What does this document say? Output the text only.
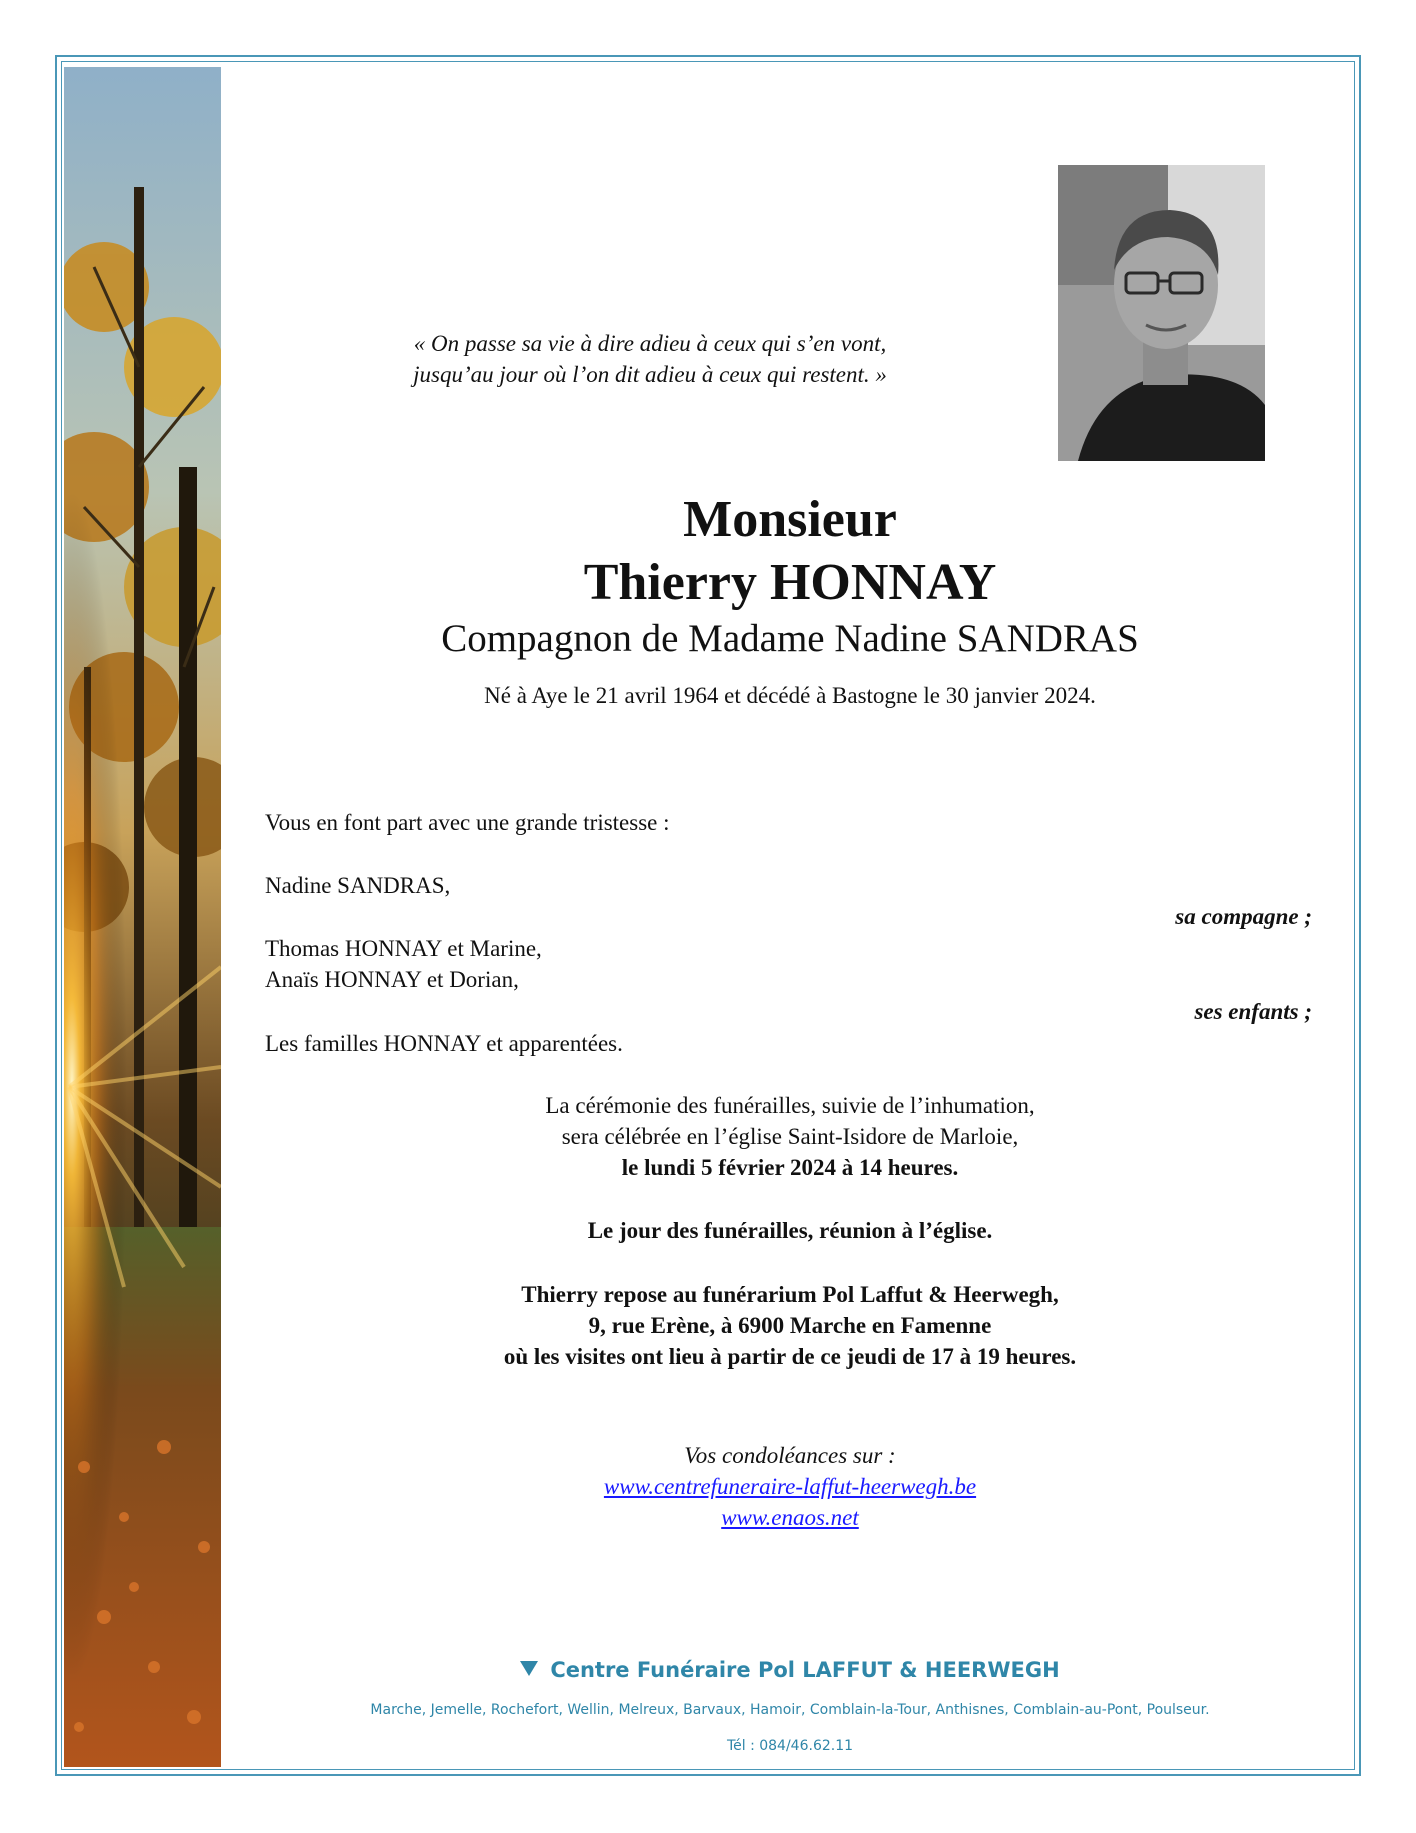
« On passe sa vie à dire adieu à ceux qui s’en vont,
jusqu’au jour où l’on dit adieu à ceux qui restent. »
Monsieur
Thierry HONNAY
Compagnon de Madame Nadine SANDRAS
Né à Aye le 21 avril 1964 et décédé à Bastogne le 30 janvier 2024.
Vous en font part avec une grande tristesse :
Nadine SANDRAS,
sa compagne ;
Thomas HONNAY et Marine,
Anaïs HONNAY et Dorian,
ses enfants ;
Les familles HONNAY et apparentées.
La cérémonie des funérailles, suivie de l’inhumation,
sera célébrée en l’église Saint-Isidore de Marloie,
le lundi 5 février 2024 à 14 heures.
Le jour des funérailles, réunion à l’église.
Thierry repose au funérarium Pol Laffut & Heerwegh,
9, rue Erène, à 6900 Marche en Famenne
où les visites ont lieu à partir de ce jeudi de 17 à 19 heures.
Vos condoléances sur :
www.centrefuneraire-laffut-heerwegh.be
www.enaos.net
Centre Funéraire Pol LAFFUT & HEERWEGH
Marche, Jemelle, Rochefort, Wellin, Melreux, Barvaux, Hamoir, Comblain-la-Tour, Anthisnes, Comblain-au-Pont, Poulseur.
Tél : 084/46.62.11
